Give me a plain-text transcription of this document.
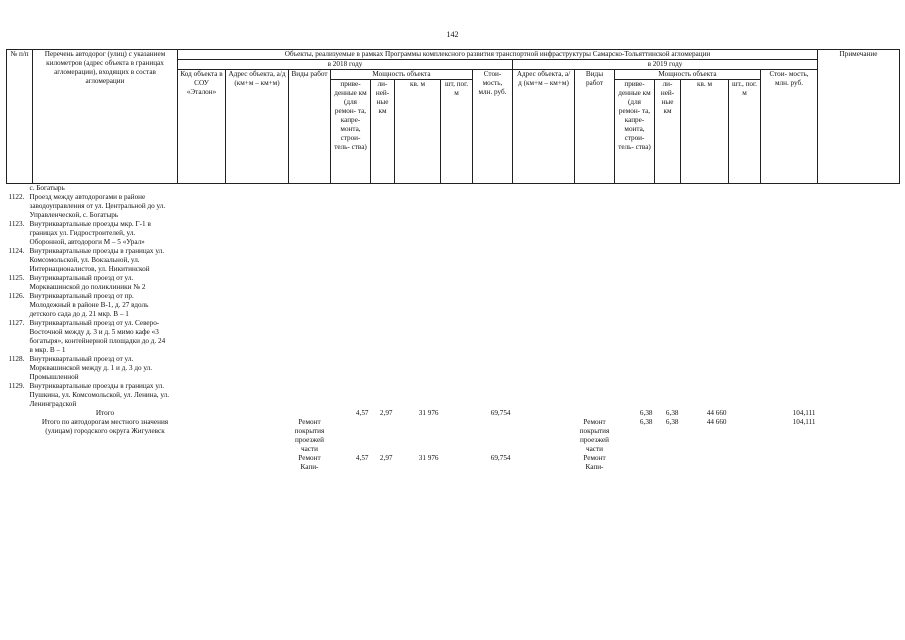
142
№ п/п	Перечень автодорог (улиц) с указанием километров (адрес объекта в границах агломерации), входящих в состав агломерации	Объекты, реализуемые в рамках Программы комплексного развития транспортной инфраструктуры Самарско-Тольяттинской агломерации															Примечание
		в 2018 году								в 2019 году							
		Код объекта в СОУ «Эталон»	Адрес объекта, а/д (км+м – км+м)	Виды работ	Мощность объекта				Стои- мость, млн. руб.	Адрес объекта, а/д (км+м – км+м)	Виды работ	Мощность объекта				Стои- мость, млн. руб.	
					приве- денные км (для ремон- та, капре- монта, строи- тель- ства)	ли- ней- ные км	кв. м	шт, пог. м				приве- денные км (для ремон- та, капре- монта, строи- тель- ства)	ли- ней- ные км	кв. м	шт., пог. м		
с. Богатырь																	

1122. Проезд между автодорогами в районе заводоуправления от ул. Центральной до ул. Управленческой, с. Богатырь																	

1123. Внутриквартальные проезды мкр. Г-1 в границах ул. Гидростроителей, ул. Оборонной, автодороги М – 5 «Урал»																	

1124. Внутриквартальные проезды в границах ул. Комсомольской, ул. Вокзальной, ул. Интернационалистов, ул. Никитинской																	

1125. Внутриквартальный проезд от ул. Морквашинской до поликлиники № 2																	

1126. Внутриквартальный проезд от пр. Молодежный в районе В-1, д. 27 вдоль детского сада до д. 21 мкр. В – 1																	

1127. Внутриквартальный проезд от ул. Северо-Восточной между д. 3 и д. 5 мимо кафе «3 богатыря», контейнерной площадки до д. 24 в мкр. В – 1																	

1128. Внутриквартальный проезд от ул. Морквашинской между д. 1 и д. 3 до ул. Промышленной																	

1129. Внутриквартальные проезды в границах ул. Пушкина, ул. Комсомольской, ул. Ленина, ул. Ленинградской																	

	Итого				4,57	2,97	31 976		69,754			6,38	6,38	44 660		104,111	
	Итого по автодорогам местного значения (улицам) городского округа Жигулевск			Ремонт покрытия проезжей части							Ремонт покрытия проезжей части	6,38	6,38	44 660		104,111	
				Ремонт Капи-	4,57	2,97	31 976		69,754		Ремонт Капи-						
